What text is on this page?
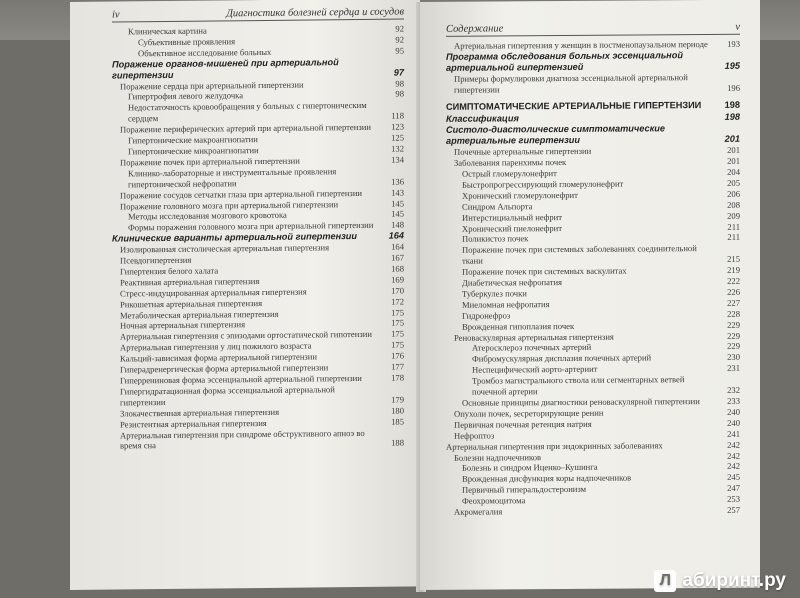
iv	Диагностика болезней сердца и сосудов
Клиническая картина	92
Субъективные проявления	92
Объективное исследование больных	95
Поражение органов-мишеней при артериальной гипертензии	97
Поражение сердца при артериальной гипертензии	98
Гипертрофия левого желудочка	98
Недостаточность кровообращения у больных с гипертоническим сердцем	118
Поражение периферических артерий при артериальной гипертензии	123
Гипертонические макроангиопатии	125
Гипертонические микроангиопатии	132
Поражение почек при артериальной гипертензии	134
Клинико-лабораторные и инструментальные проявления гипертонической нефропатии	136
Поражение сосудов сетчатки глаза при артериальной гипертензии	143
Поражение головного мозга при артериальной гипертензии	145
Методы исследования мозгового кровотока	145
Формы поражения головного мозга при артериальной гипертензии	148
Клинические варианты артериальной гипертензии	164
Изолированная систолическая артериальная гипертензия	164
Псевдогипертензия	167
Гипертензия белого халата	168
Реактивная артериальная гипертензия	169
Стресс-индуцированная артериальная гипертензия	170
Рикошетная артериальная гипертензия	172
Метаболическая артериальная гипертензия	175
Ночная артериальная гипертензия	175
Артериальная гипертензия с эпизодами ортостатической гипотензии	175
Артериальная гипертензия у лиц пожилого возраста	175
Кальций-зависимая форма артериальной гипертензии	176
Гиперадренергическая форма артериальной гипертензии	177
Гиперрениновая форма эссенциальной артериальной гипертензии	178
Гипергидратационная форма эссенциальной артериальной гипертензии	179
Злокачественная артериальная гипертензия	180
Резистентная артериальная гипертензия	185
Артериальная гипертензия при синдроме обструктивного апноэ во время сна	188
Содержание	v
Артериальная гипертензия у женщин в постменопаузальном периоде	193
Программа обследования больных эссенциальной артериальной гипертензией	195
Примеры формулировки диагноза эссенциальной артериальной гипертензии	196
СИМПТОМАТИЧЕСКИЕ АРТЕРИАЛЬНЫЕ ГИПЕРТЕНЗИИ	198
Классификация	198
Систоло-диастолические симптоматические артериальные гипертензии	201
Почечные артериальные гипертензии	201
Заболевания паренхимы почек	201
Острый гломерулонефрит	204
Быстропрогрессирующий гломерулонефрит	205
Хронический гломерулонефрит	206
Синдром Альпорта	208
Интерстициальный нефрит	209
Хронический пиелонефрит	211
Поликистоз почек	211
Поражение почек при системных заболеваниях соединительной ткани	215
Поражение почек при системных васкулитах	219
Диабетическая нефропатия	222
Туберкулез почки	226
Миеломная нефропатия	227
Гидронефроз	228
Врожденная гипоплазия почек	229
Реноваскулярная артериальная гипертензия	229
Атеросклероз почечных артерий	229
Фибромускулярная дисплазия почечных артерий	230
Неспецифический аорто-артериит	231
Тромбоз магистрального ствола или сегментарных ветвей почечной артерии	232
Основные принципы диагностики реноваскулярной гипертензии	233
Опухоли почек, secреторирующие ренин	240
Первичная почечная ретенция натрия	240
Нефроптоз	241
Артериальная гипертензия при эндокринных заболеваниях	242
Болезни надпочечников	242
Болезнь и синдром Иценко–Кушинга	242
Врожденная дисфункция коры надпочечников	245
Первичный гиперальдостеронизм	247
Феохромоцитома	253
Акромегалия	257
Л абиринт.ру
